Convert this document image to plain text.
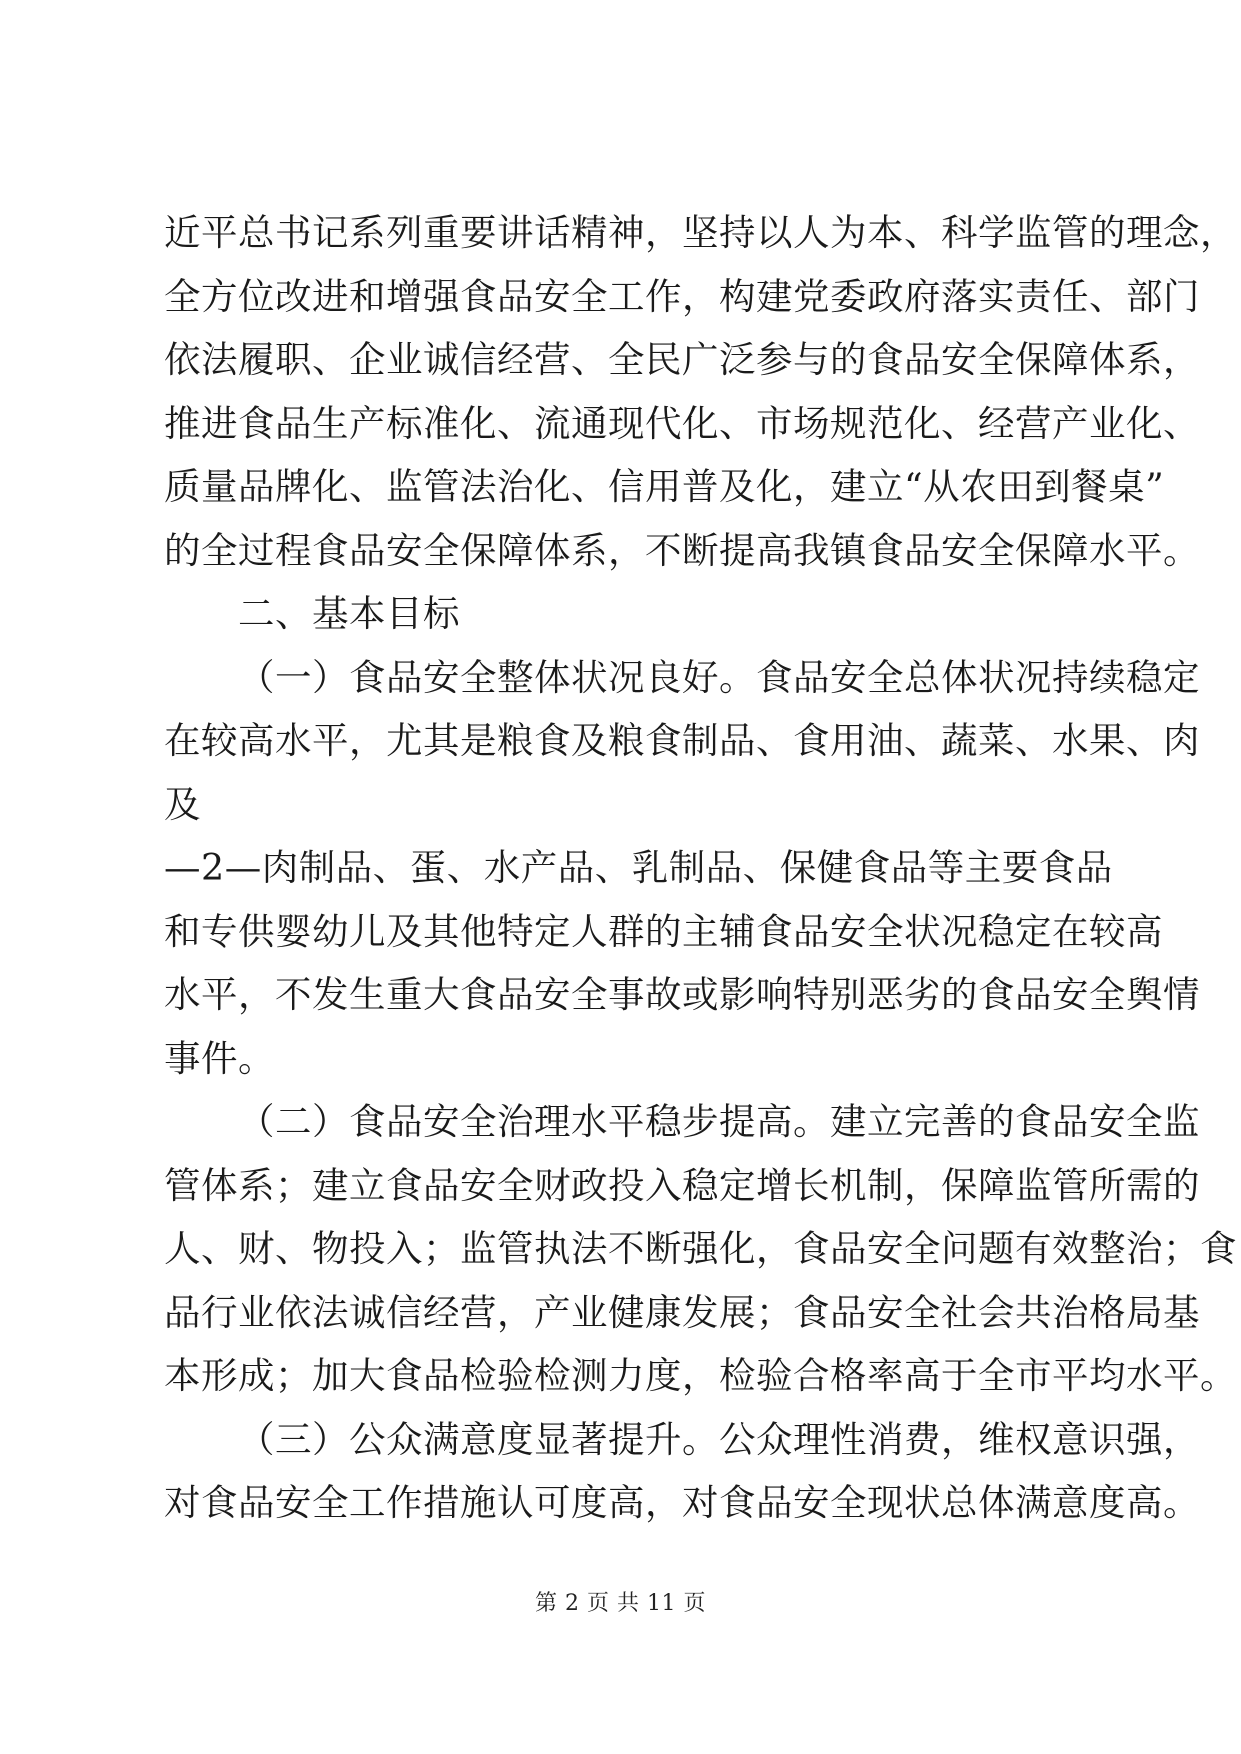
近平总书记系列重要讲话精神，坚持以人为本、科学监管的理念，
全方位改进和增强食品安全工作，构建党委政府落实责任、部门
依法履职、企业诚信经营、全民广泛参与的食品安全保障体系，
推进食品生产标准化、流通现代化、市场规范化、经营产业化、
质量品牌化、监管法治化、信用普及化，建立“从农田到餐桌”
的全过程食品安全保障体系，不断提高我镇食品安全保障水平。

二、基本目标

（一）食品安全整体状况良好。食品安全总体状况持续稳定
在较高水平，尤其是粮食及粮食制品、食用油、蔬菜、水果、肉
及

—2—肉制品、蛋、水产品、乳制品、保健食品等主要食品
和专供婴幼儿及其他特定人群的主辅食品安全状况稳定在较高
水平，不发生重大食品安全事故或影响特别恶劣的食品安全舆情
事件。

（二）食品安全治理水平稳步提高。建立完善的食品安全监
管体系；建立食品安全财政投入稳定增长机制，保障监管所需的
人、财、物投入；监管执法不断强化，食品安全问题有效整治；食
品行业依法诚信经营，产业健康发展；食品安全社会共治格局基
本形成；加大食品检验检测力度，检验合格率高于全市平均水平。

（三）公众满意度显著提升。公众理性消费，维权意识强，
对食品安全工作措施认可度高，对食品安全现状总体满意度高。

第 2 页 共 11 页
